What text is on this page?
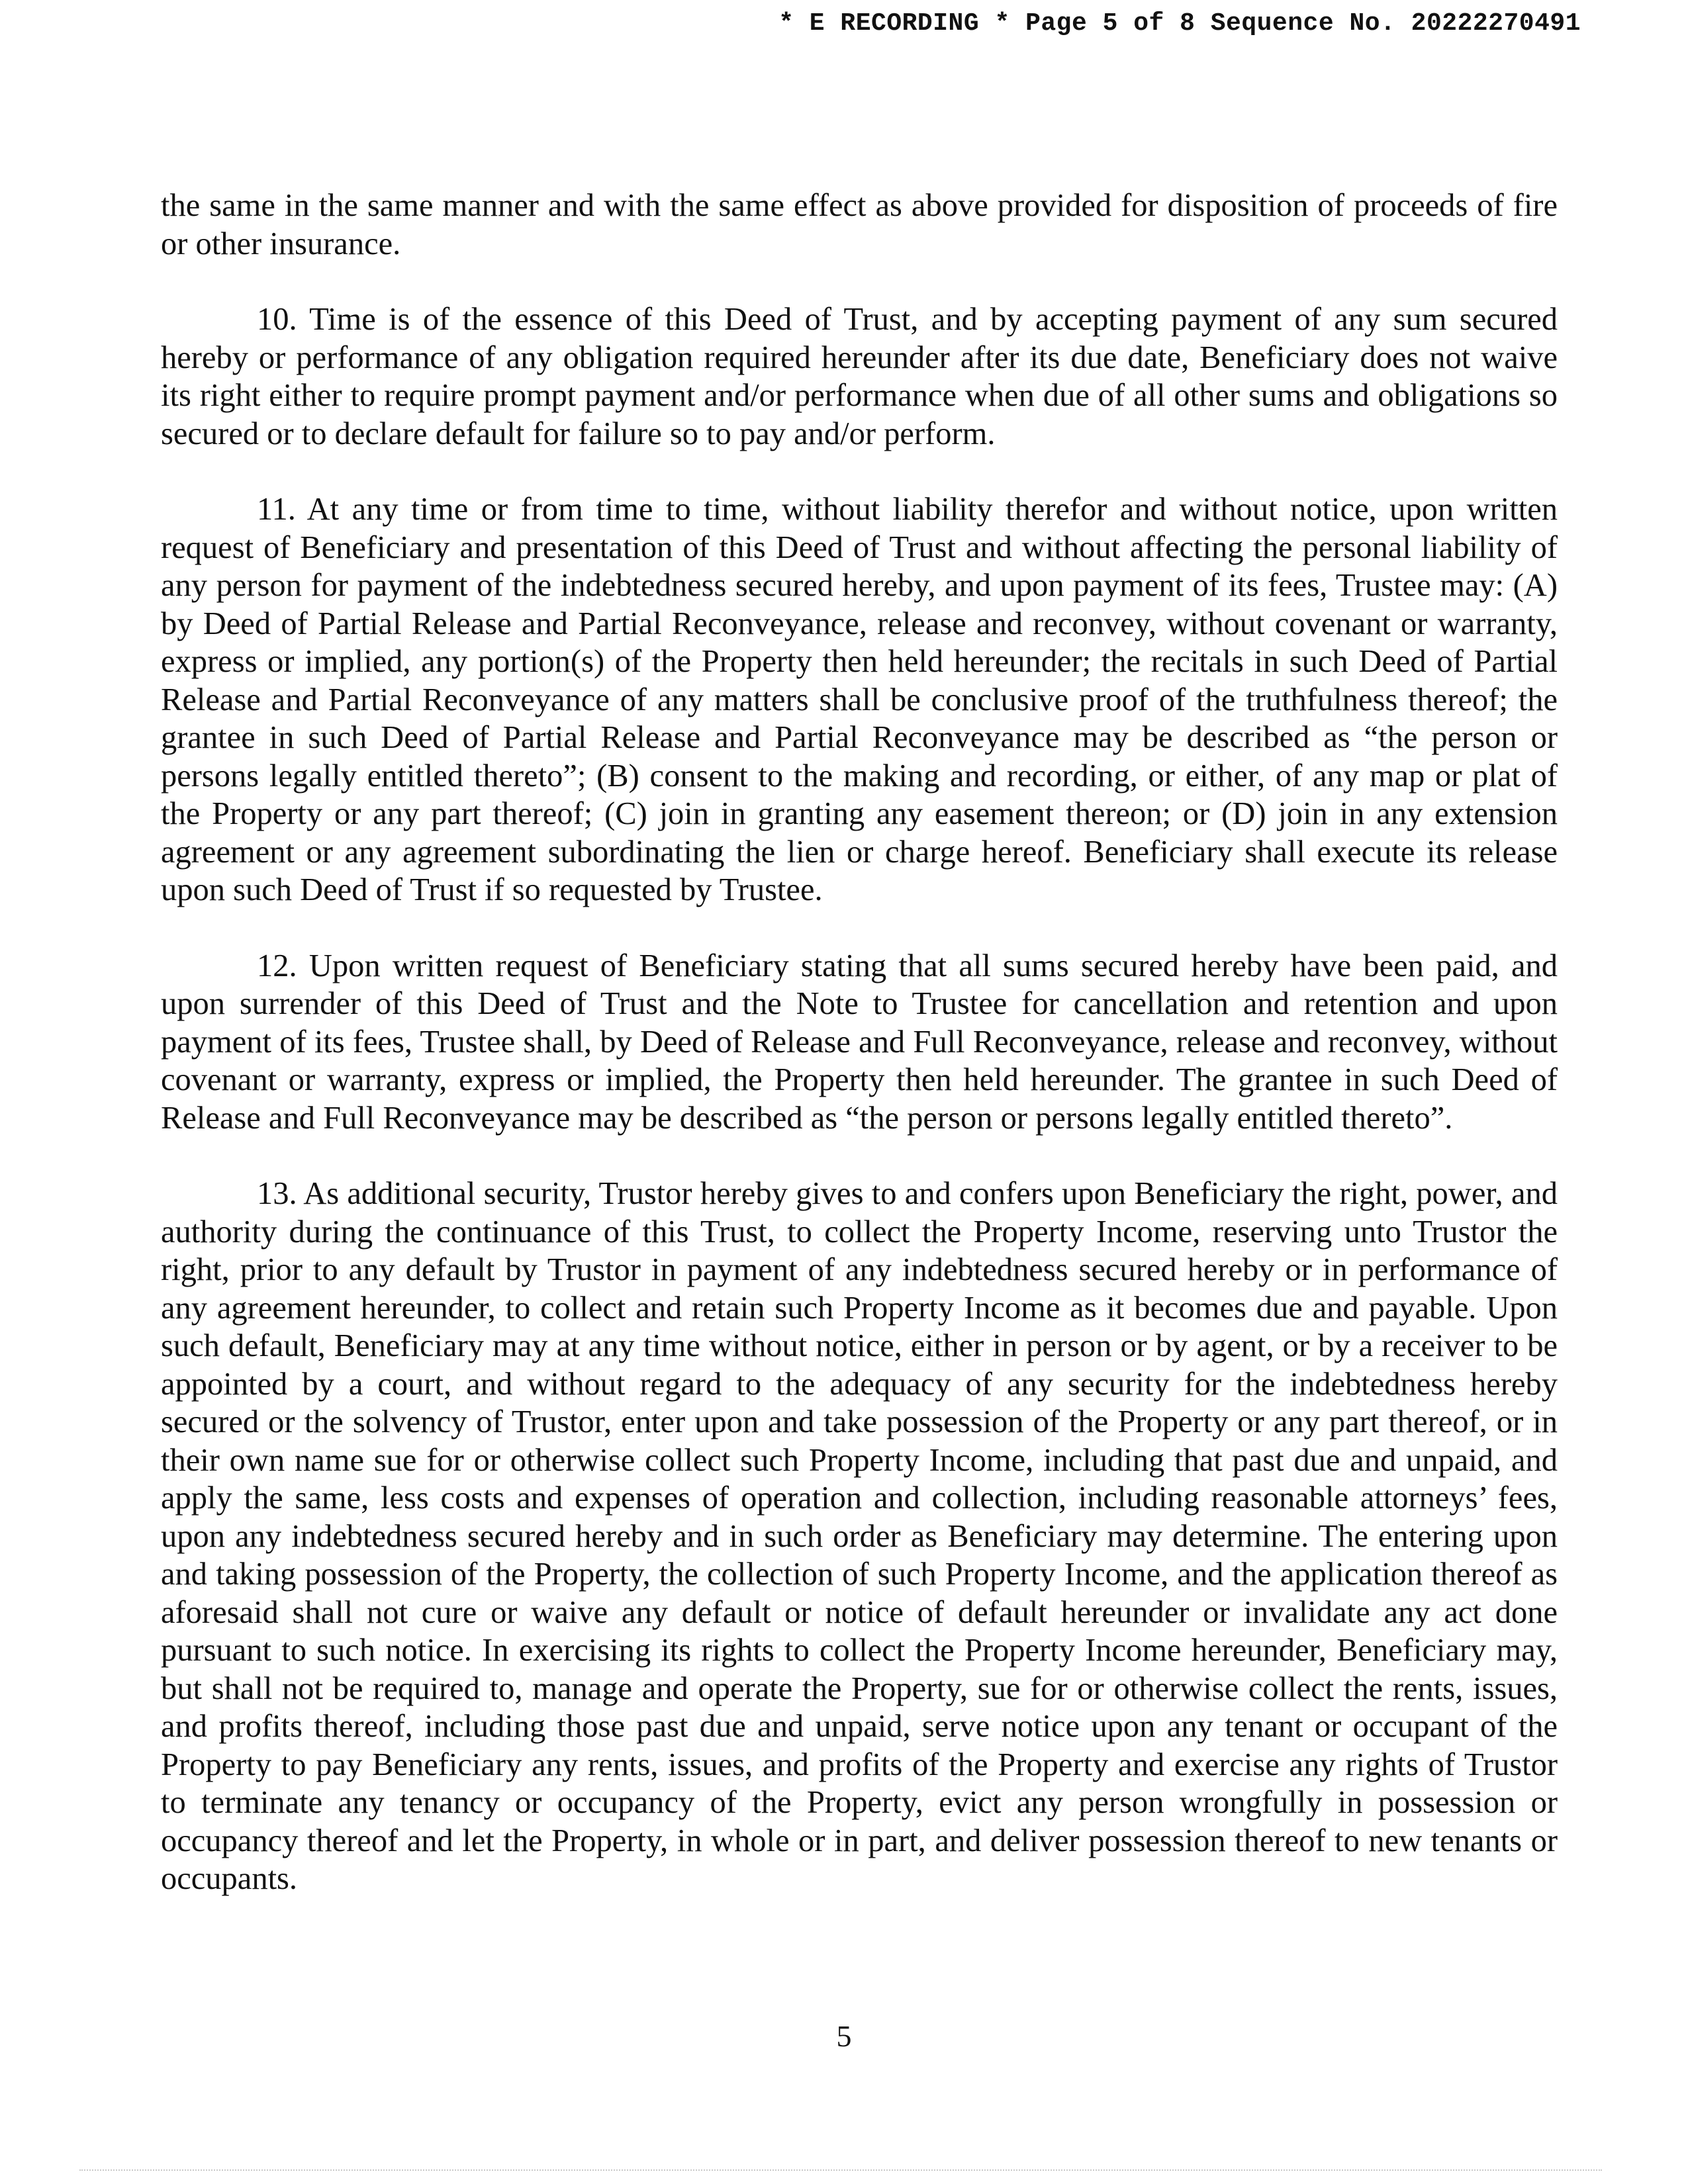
* E RECORDING * Page 5 of 8 Sequence No. 20222270491

the same in the same manner and with the same effect as above provided for disposition of proceeds of fire or other insurance.

10. Time is of the essence of this Deed of Trust, and by accepting payment of any sum secured hereby or performance of any obligation required hereunder after its due date, Beneficiary does not waive its right either to require prompt payment and/or performance when due of all other sums and obligations so secured or to declare default for failure so to pay and/or perform.

11. At any time or from time to time, without liability therefor and without notice, upon written request of Beneficiary and presentation of this Deed of Trust and without affecting the personal liability of any person for payment of the indebtedness secured hereby, and upon payment of its fees, Trustee may: (A) by Deed of Partial Release and Partial Reconveyance, release and reconvey, without covenant or warranty, express or implied, any portion(s) of the Property then held hereunder; the recitals in such Deed of Partial Release and Partial Reconveyance of any matters shall be conclusive proof of the truthfulness thereof; the grantee in such Deed of Partial Release and Partial Reconveyance may be described as “the person or persons legally entitled thereto”; (B) consent to the making and recording, or either, of any map or plat of the Property or any part thereof; (C) join in granting any easement thereon; or (D) join in any extension agreement or any agreement subordinating the lien or charge hereof. Beneficiary shall execute its release upon such Deed of Trust if so requested by Trustee.

12. Upon written request of Beneficiary stating that all sums secured hereby have been paid, and upon surrender of this Deed of Trust and the Note to Trustee for cancellation and retention and upon payment of its fees, Trustee shall, by Deed of Release and Full Reconveyance, release and reconvey, without covenant or warranty, express or implied, the Property then held hereunder. The grantee in such Deed of Release and Full Reconveyance may be described as “the person or persons legally entitled thereto”.

13. As additional security, Trustor hereby gives to and confers upon Beneficiary the right, power, and authority during the continuance of this Trust, to collect the Property Income, reserving unto Trustor the right, prior to any default by Trustor in payment of any indebtedness secured hereby or in performance of any agreement hereunder, to collect and retain such Property Income as it becomes due and payable. Upon such default, Beneficiary may at any time without notice, either in person or by agent, or by a receiver to be appointed by a court, and without regard to the adequacy of any security for the indebtedness hereby secured or the solvency of Trustor, enter upon and take possession of the Property or any part thereof, or in their own name sue for or otherwise collect such Property Income, including that past due and unpaid, and apply the same, less costs and expenses of operation and collection, including reasonable attorneys’ fees, upon any indebtedness secured hereby and in such order as Beneficiary may determine. The entering upon and taking possession of the Property, the collection of such Property Income, and the application thereof as aforesaid shall not cure or waive any default or notice of default hereunder or invalidate any act done pursuant to such notice. In exercising its rights to collect the Property Income hereunder, Beneficiary may, but shall not be required to, manage and operate the Property, sue for or otherwise collect the rents, issues, and profits thereof, including those past due and unpaid, serve notice upon any tenant or occupant of the Property to pay Beneficiary any rents, issues, and profits of the Property and exercise any rights of Trustor to terminate any tenancy or occupancy of the Property, evict any person wrongfully in possession or occupancy thereof and let the Property, in whole or in part, and deliver possession thereof to new tenants or occupants.

5
